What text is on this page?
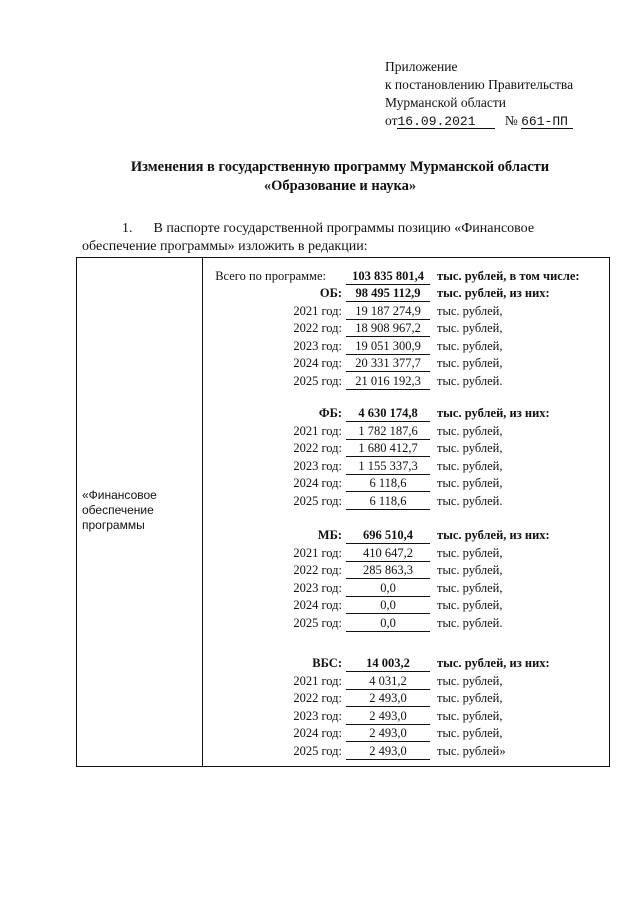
Приложение
к постановлению Правительства
Мурманской области
от16.09.2021 № 661-ПП
Изменения в государственную программу Мурманской области
«Образование и наука»
1.      В паспорте государственной программы позицию «Финансовое
обеспечение программы» изложить в редакции:
«Финансовое
обеспечение
программы
Всего по программе:	103 835 801,4	тыс. рублей, в том числе:
ОБ:	98 495 112,9	тыс. рублей, из них:
2021 год:	19 187 274,9	тыс. рублей,
2022 год:	18 908 967,2	тыс. рублей,
2023 год:	19 051 300,9	тыс. рублей,
2024 год:	20 331 377,7	тыс. рублей,
2025 год:	21 016 192,3	тыс. рублей.
ФБ:	4 630 174,8	тыс. рублей, из них:
2021 год:	1 782 187,6	тыс. рублей,
2022 год:	1 680 412,7	тыс. рублей,
2023 год:	1 155 337,3	тыс. рублей,
2024 год:	6 118,6	тыс. рублей,
2025 год:	6 118,6	тыс. рублей.
МБ:	696 510,4	тыс. рублей, из них:
2021 год:	410 647,2	тыс. рублей,
2022 год:	285 863,3	тыс. рублей,
2023 год:	0,0	тыс. рублей,
2024 год:	0,0	тыс. рублей,
2025 год:	0,0	тыс. рублей.
ВБС:	14 003,2	тыс. рублей, из них:
2021 год:	4 031,2	тыс. рублей,
2022 год:	2 493,0	тыс. рублей,
2023 год:	2 493,0	тыс. рублей,
2024 год:	2 493,0	тыс. рублей,
2025 год:	2 493,0	тыс. рублей»
